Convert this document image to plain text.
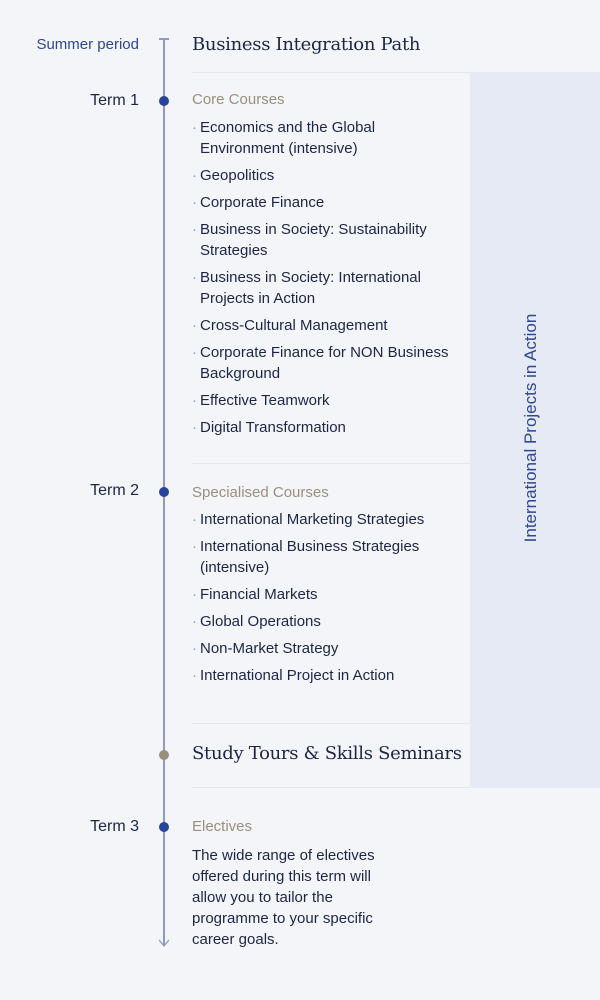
International Projects in Action
Summer period	Business Integration Path
Term 1	Core Courses
· Economics and the Global Environment (intensive)
· Geopolitics
· Corporate Finance
· Business in Society: Sustainability Strategies
· Business in Society: International Projects in Action
· Cross-Cultural Management
· Corporate Finance for NON Business Background
· Effective Teamwork
· Digital Transformation
Term 2	Specialised Courses
· International Marketing Strategies
· International Business Strategies (intensive)
· Financial Markets
· Global Operations
· Non-Market Strategy
· International Project in Action
Study Tours & Skills Seminars
Term 3	Electives

The wide range of electives offered during this term will allow you to tailor the programme to your specific career goals.
